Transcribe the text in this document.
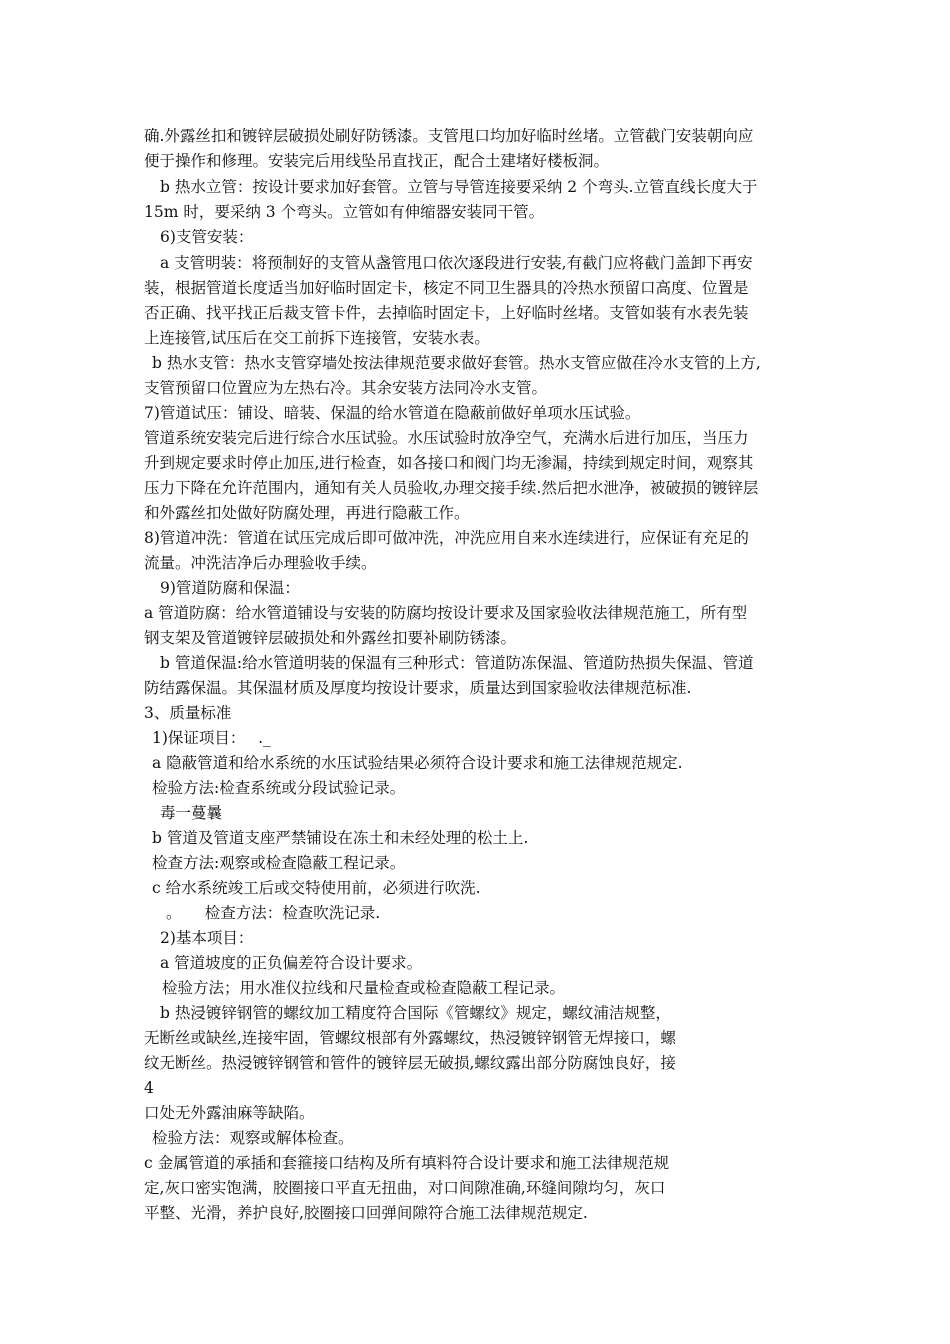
确.外露丝扣和镀锌层破损处刷好防锈漆。支管甩口均加好临时丝堵。立管截门安装朝向应
便于操作和修理。安装完后用线坠吊直找正，配合土建堵好楼板洞。
b 热水立管：按设计要求加好套管。立管与导管连接要采纳 2 个弯头.立管直线长度大于
15m 时，要采纳 3 个弯头。立管如有伸缩器安装同干管。
6)支管安装：
a 支管明装：将预制好的支管从盏管甩口依次逐段进行安装,有截门应将截门盖卸下再安
装，根据管道长度适当加好临时固定卡，核定不同卫生器具的冷热水预留口高度、位置是
否正确、找平找正后裁支管卡件，去掉临时固定卡，上好临时丝堵。支管如装有水表先装
上连接管,试压后在交工前拆下连接管，安装水表。
b 热水支管：热水支管穿墙处按法律规范要求做好套管。热水支管应做荏冷水支管的上方,
支管预留口位置应为左热右冷。其余安装方法同冷水支管。
7)管道试压：铺设、暗装、保温的给水管道在隐蔽前做好单项水压试验。
管道系统安装完后进行综合水压试验。水压试验时放净空气，充满水后进行加压，当压力
升到规定要求时停止加压,进行检查，如各接口和阀门均无渗漏，持续到规定时间，观察其
压力下降在允许范围内，通知有关人员验收,办理交接手续.然后把水泄净，被破损的镀锌层
和外露丝扣处做好防腐处理，再进行隐蔽工作。
8)管道冲洗：管道在试压完成后即可做冲洗，冲洗应用自来水连续进行，应保证有充足的
流量。冲洗洁净后办理验收手续。
9)管道防腐和保温：
a 管道防腐：给水管道铺设与安装的防腐均按设计要求及国家验收法律规范施工，所有型
钢支架及管道镀锌层破损处和外露丝扣要补刷防锈漆。
b 管道保温:给水管道明装的保温有三种形式：管道防冻保温、管道防热损失保温、管道
防结露保温。其保温材质及厚度均按设计要求，质量达到国家验收法律规范标准.
3、质量标准
1)保证项目：　 ._
a 隐蔽管道和给水系统的水压试验结果必须符合设计要求和施工法律规范规定.
检验方法:检查系统或分段试验记录。
毒一蔓曩
b 管道及管道支座严禁铺设在冻土和未经处理的松土上.
检查方法:观察或检查隐蔽工程记录。
c 给水系统竣工后或交特使用前，必须进行吹洗.
。　　检查方法：检查吹洗记录.
2)基本项目：
a 管道坡度的正负偏差符合设计要求。
检验方法；用水准仪拉线和尺量检查或检查隐蔽工程记录。
b 热浸镀锌钢管的螺纹加工精度符合国际《管螺纹》规定，螺纹浦洁规整，
无断丝或缺丝,连接牢固，管螺纹根部有外露螺纹，热浸镀锌钢管无焊接口，螺
纹无断丝。热浸镀锌钢管和管件的镀锌层无破损,螺纹露出部分防腐蚀良好，接
4
口处无外露油麻等缺陷。
检验方法：观察或解体检查。
c 金属管道的承插和套箍接口结构及所有填料符合设计要求和施工法律规范规
定,灰口密实饱满，胶圈接口平直无扭曲，对口间隙准确,环缝间隙均匀，灰口
平整、光滑，养护良好,胶圈接口回弹间隙符合施工法律规范规定.
